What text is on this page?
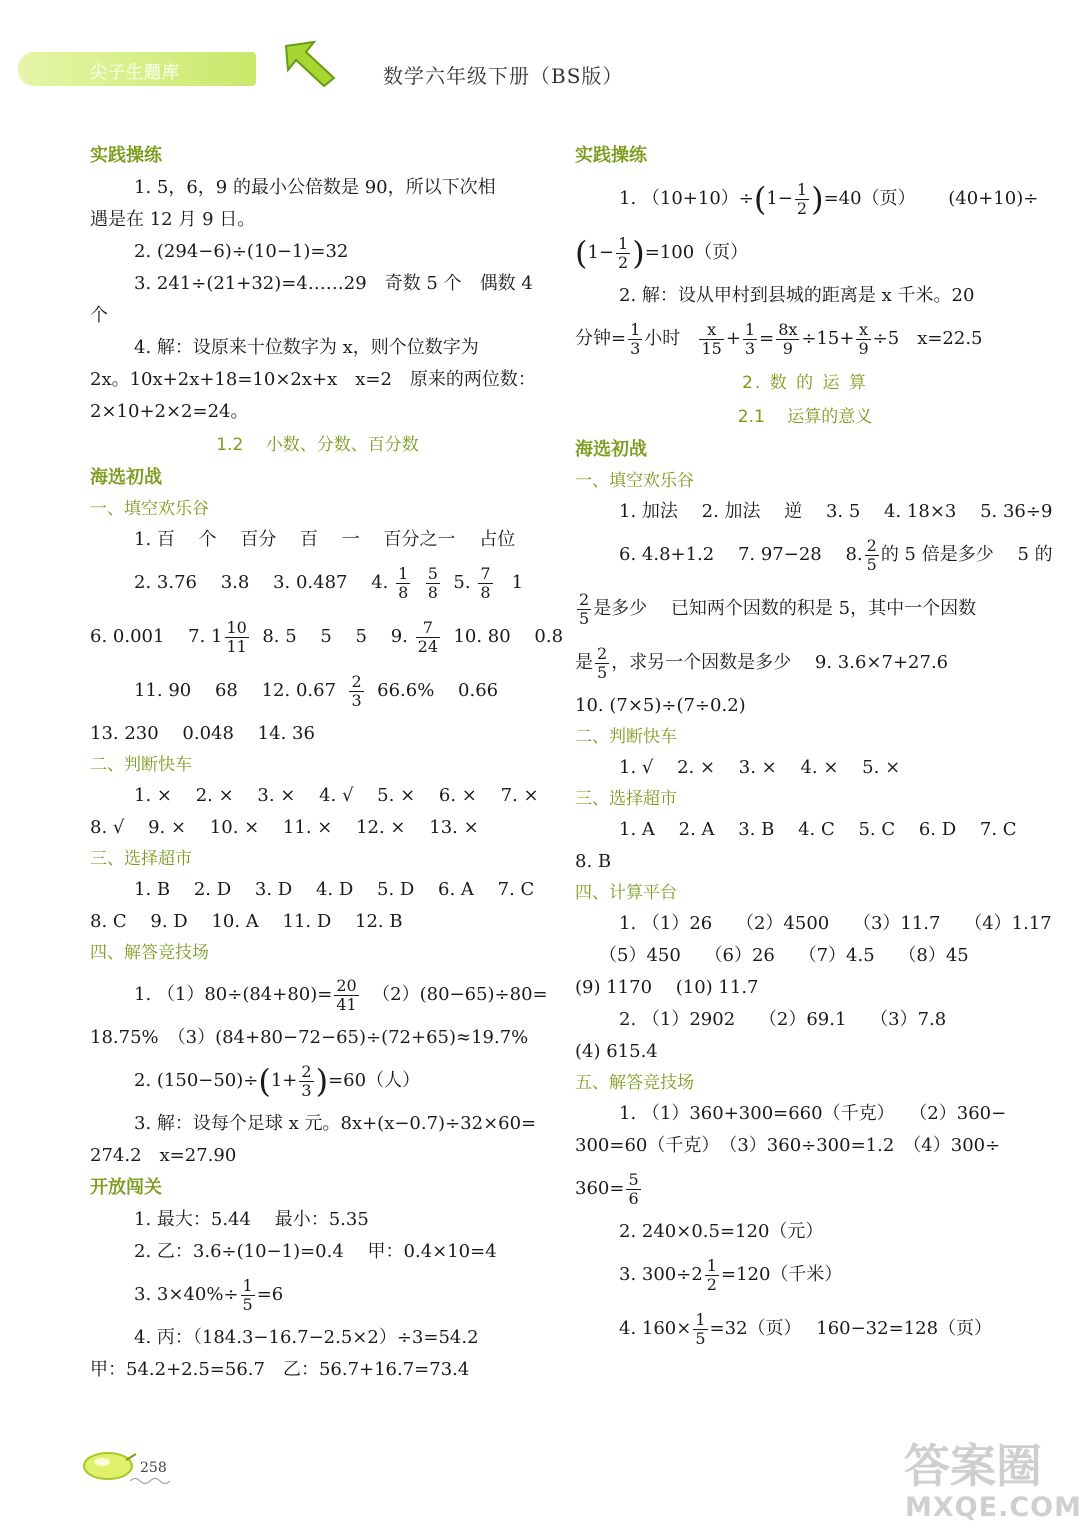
尖子生题库	数学六年级下册（BS版）
实践操练
1. 5，6，9 的最小公倍数是 90，所以下次相
遇是在 12 月 9 日。
2. (294−6)÷(10−1)=32
3. 241÷(21+32)=4……29　奇数 5 个　偶数 4
个
4. 解：设原来十位数字为 x，则个位数字为
2x。10x+2x+18=10×2x+x　x=2　原来的两位数：
2×10+2×2=24。
1.2　 小数、分数、百分数
海选初战
一、填空欢乐谷
1. 百　 个　 百分　 百　 一　 百分之一　 占位
2. 3.76　 3.8　 3. 0.487　 4. $\frac{1}{8}$
$\frac{5}{8} 5$. $\frac{7}{8} 1$
6. 0.001　 7. $1 \frac{10}{11} 8$. 5　 5　 5　 9. $\frac{7}{24} 10$. 80　 0.8
11. 90　 68　 12. $0.67 \frac{2}{3} 66.6\%$　 0.66
13. 230　 0.048　 14. 36
二、判断快车
1. ×　 2. ×　 3. ×　 4. √　 5. ×　 6. ×　 7. ×
8. √　 9. ×　 10. ×　 11. ×　 12. ×　 13. ×
三、选择超市
1. B　 2. D　 3. D　 4. D　 5. D　 6. A　 7. C
8. C　 9. D　 10. A　 11. D　 12. B
四、解答竞技场
1. $(1)80\div(84+80)= \frac{20}{41} (2)(80-65)\div 80=$
18.75%　（3）(84+80−72−65)÷(72+65)≈19.7%
2. $(150-50)\div(1+ \frac{2}{3} )=60$（人）
3. 解：设每个足球 x 元。8x+(x−0.7)÷32×60=
274.2　x=27.90
开放闯关
1. 最大：5.44　 最小：5.35
2. 乙：3.6÷(10−1)=0.4　 甲：0.4×10=4
3. $3\times 40\%\div \frac{1}{5} =6$
4. 丙：（184.3−16.7−2.5×2）÷3=54.2
甲：54.2+2.5=56.7　乙：56.7+16.7=73.4
实践操练
1. $(10+10)\div(1- \frac{1}{2} )=40$（页）　　 (40+10)÷
$(1- \frac{1}{2} )=100$（页）
2. 解：设从甲村到县城的距离是 x 千米。20
分钟= $\frac{1}{3}$ 小时 $\frac{x}{15} + \frac{1}{3} = \frac{8x}{9} \div 15+ \frac{x}{9} \div 5$　x=22.5
2. 数 的 运 算
2.1　 运算的意义
海选初战
一、填空欢乐谷
1. 加法　 2. 加法　 逆　 3. 5　 4. 18×3　 5. 36÷9
6. 4.8+1.2　 7. 97−28　 8. $\frac{2}{5}$ 的 5 倍是多少　 5 的
$\frac{2}{5}$ 是多少　 已知两个因数的积是 5，其中一个因数
是 $\frac{2}{5}$ ，求另一个因数是多少　 9. 3.6×7+27.6
10. (7×5)÷(7÷0.2)
二、判断快车
1. √　 2. ×　 3. ×　 4. ×　 5. ×
三、选择超市
1. A　 2. A　 3. B　 4. C　 5. C　 6. D　 7. C
8. B
四、计算平台
1. （1）26　 （2）4500　 （3）11.7　 （4）1.17
（5）450　 （6）26　 （7）4.5　 （8）45
(9) 1170　 (10) 11.7
2. （1）2902　 （2）69.1　 （3）7.8
(4) 615.4
五、解答竞技场
1. （1）360+300=660（千克）　 （2）360−
300=60（千克）　（3）360÷300=1.2　（4）300÷
$360= \frac{5}{6}$
2. 240×0.5=120（元）
3. $300\div 2 \frac{1}{2} =120$（千米）
4. $160\times \frac{1}{5} =32$（页）　 160−32=128（页）
258	答案圈
MXQE.COM
